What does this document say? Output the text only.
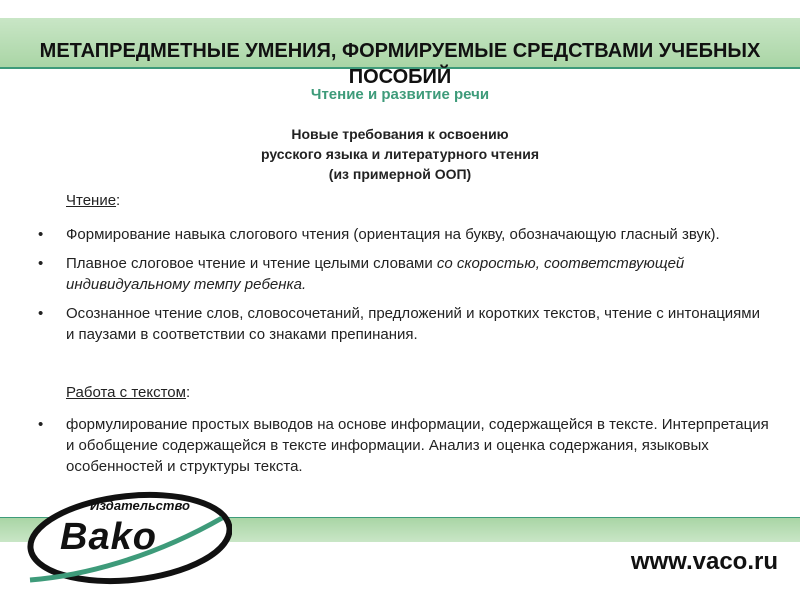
МЕТАПРЕДМЕТНЫЕ УМЕНИЯ, ФОРМИРУЕМЫЕ СРЕДСТВАМИ УЧЕБНЫХ ПОСОБИЙ
Чтение и развитие речи
Новые требования к освоению
русского языка и литературного чтения
(из примерной ООП)
Чтение:
• Формирование навыка слогового чтения (ориентация на букву, обозначающую гласный звук).
• Плавное слоговое чтение и чтение целыми словами со скоростью, соответствующей индивидуальному темпу ребенка.
• Осознанное чтение слов, словосочетаний, предложений и коротких текстов, чтение с интонациями и паузами в соответствии со знаками препинания.
Работа с текстом:
• формулирование простых выводов на основе информации, содержащейся в тексте. Интерпретация и обобщение содержащейся в тексте информации. Анализ и оценка содержания, языковых особенностей и структуры текста.
Издательство
Bako
www.vaco.ru
